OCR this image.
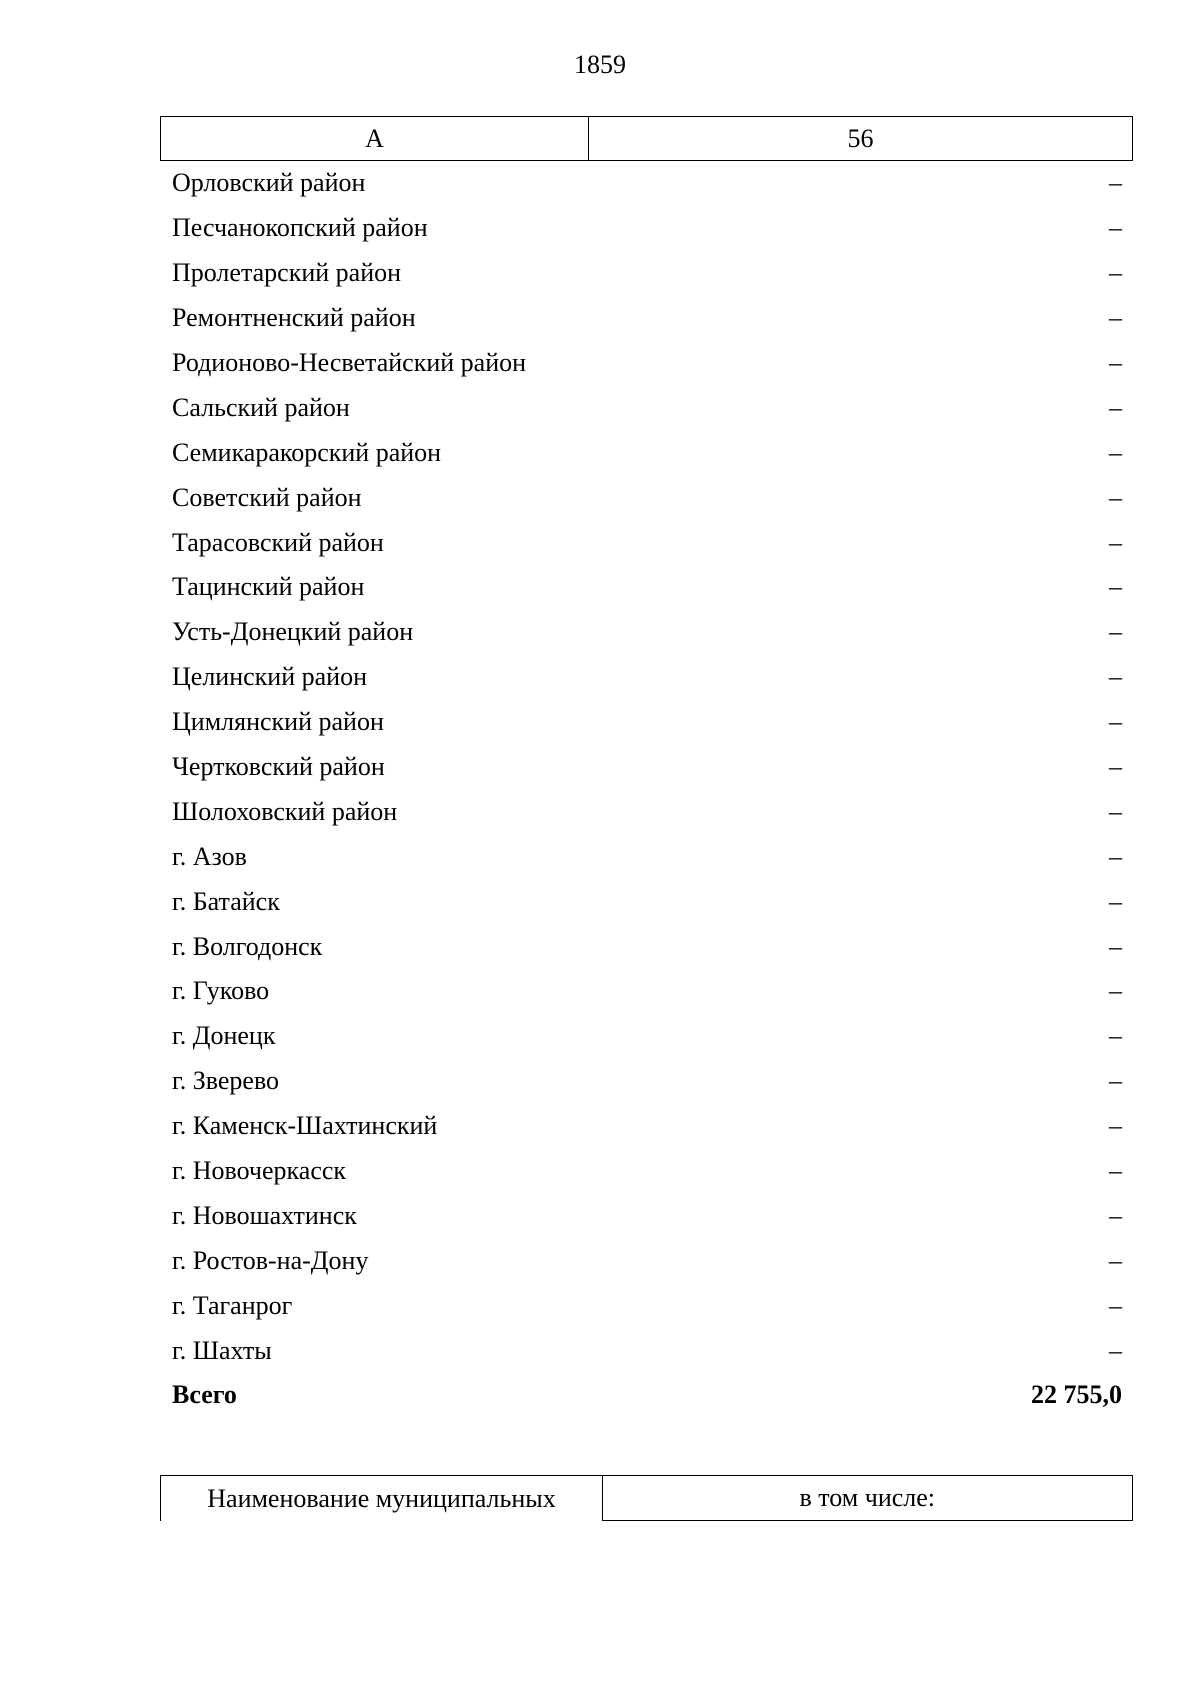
1859
А	56
Орловский район	–
Песчанокопский район	–
Пролетарский район	–
Ремонтненский район	–
Родионово-Несветайский район	–
Сальский район	–
Семикаракорский район	–
Советский район	–
Тарасовский район	–
Тацинский район	–
Усть-Донецкий район	–
Целинский район	–
Цимлянский район	–
Чертковский район	–
Шолоховский район	–
г. Азов	–
г. Батайск	–
г. Волгодонск	–
г. Гуково	–
г. Донецк	–
г. Зверево	–
г. Каменск-Шахтинский	–
г. Новочеркасск	–
г. Новошахтинск	–
г. Ростов-на-Дону	–
г. Таганрог	–
г. Шахты	–
Всего	22 755,0
Наименование муниципальных	в том числе:
